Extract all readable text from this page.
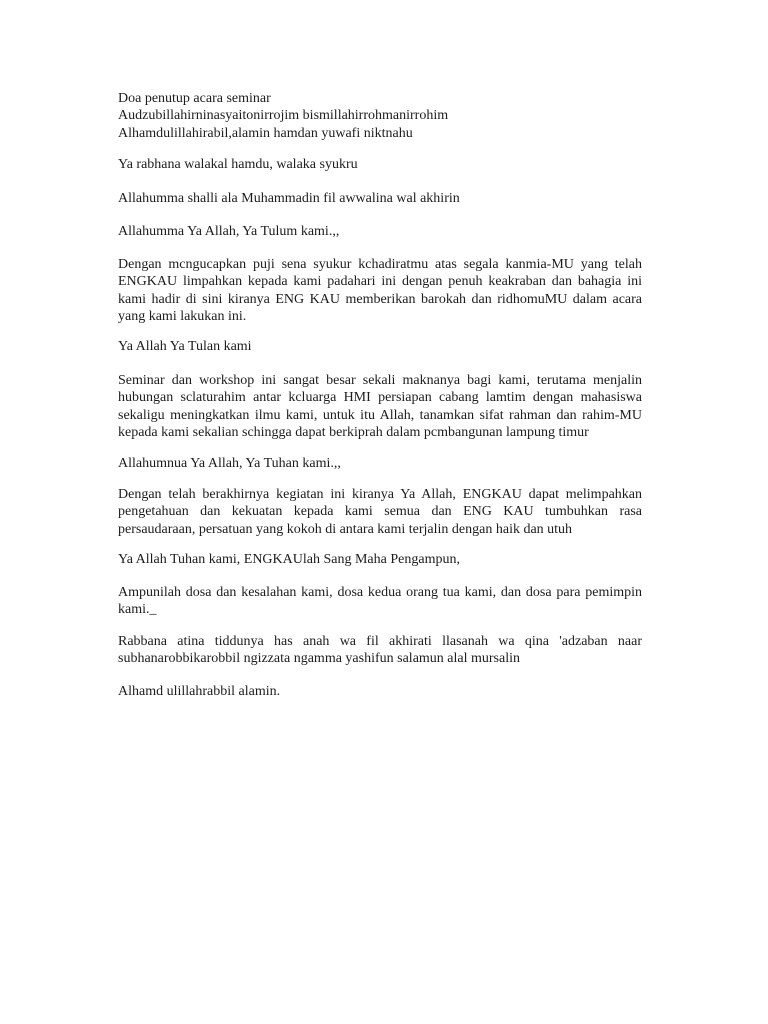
Doa penutup acara seminar
Audzubillahirninasyaitonirrojim bismillahirrohmanirrohim
Alhamdulillahirabil,alamin hamdan yuwafi niktnahu

Ya rabhana walakal hamdu, walaka syukru

Allahumma shalli ala Muhammadin fil awwalina wal akhirin

Allahumma Ya Allah, Ya Tulum kami.,,

Dengan mcngucapkan puji sena syukur kchadiratmu atas segala kanmia-MU yang telah ENGKAU limpahkan kepada kami padahari ini dengan penuh keakraban dan bahagia ini kami hadir di sini kiranya ENG KAU memberikan barokah dan ridhomuMU dalam acara yang kami lakukan ini.

Ya Allah Ya Tulan kami

Seminar dan workshop ini sangat besar sekali maknanya bagi kami, terutama menjalin hubungan sclaturahim antar kcluarga HMI persiapan cabang lamtim dengan mahasiswa sekaligu meningkatkan ilmu kami, untuk itu Allah, tanamkan sifat rahman dan rahim-MU kepada kami sekalian schingga dapat berkiprah dalam pcmbangunan lampung timur

Allahumnua Ya Allah, Ya Tuhan kami.,,

Dengan telah berakhirnya kegiatan ini kiranya Ya Allah, ENGKAU dapat melimpahkan pengetahuan dan kekuatan kepada kami semua dan ENG KAU tumbuhkan rasa persaudaraan, persatuan yang kokoh di antara kami terjalin dengan haik dan utuh

Ya Allah Tuhan kami, ENGKAUlah Sang Maha Pengampun,

Ampunilah dosa dan kesalahan kami, dosa kedua orang tua kami, dan dosa para pemimpin kami._

Rabbana atina tiddunya has anah wa fil akhirati llasanah wa qina 'adzaban naar subhanarobbikarobbil ngizzata ngamma yashifun salamun alal mursalin

Alhamd ulillahrabbil alamin.
